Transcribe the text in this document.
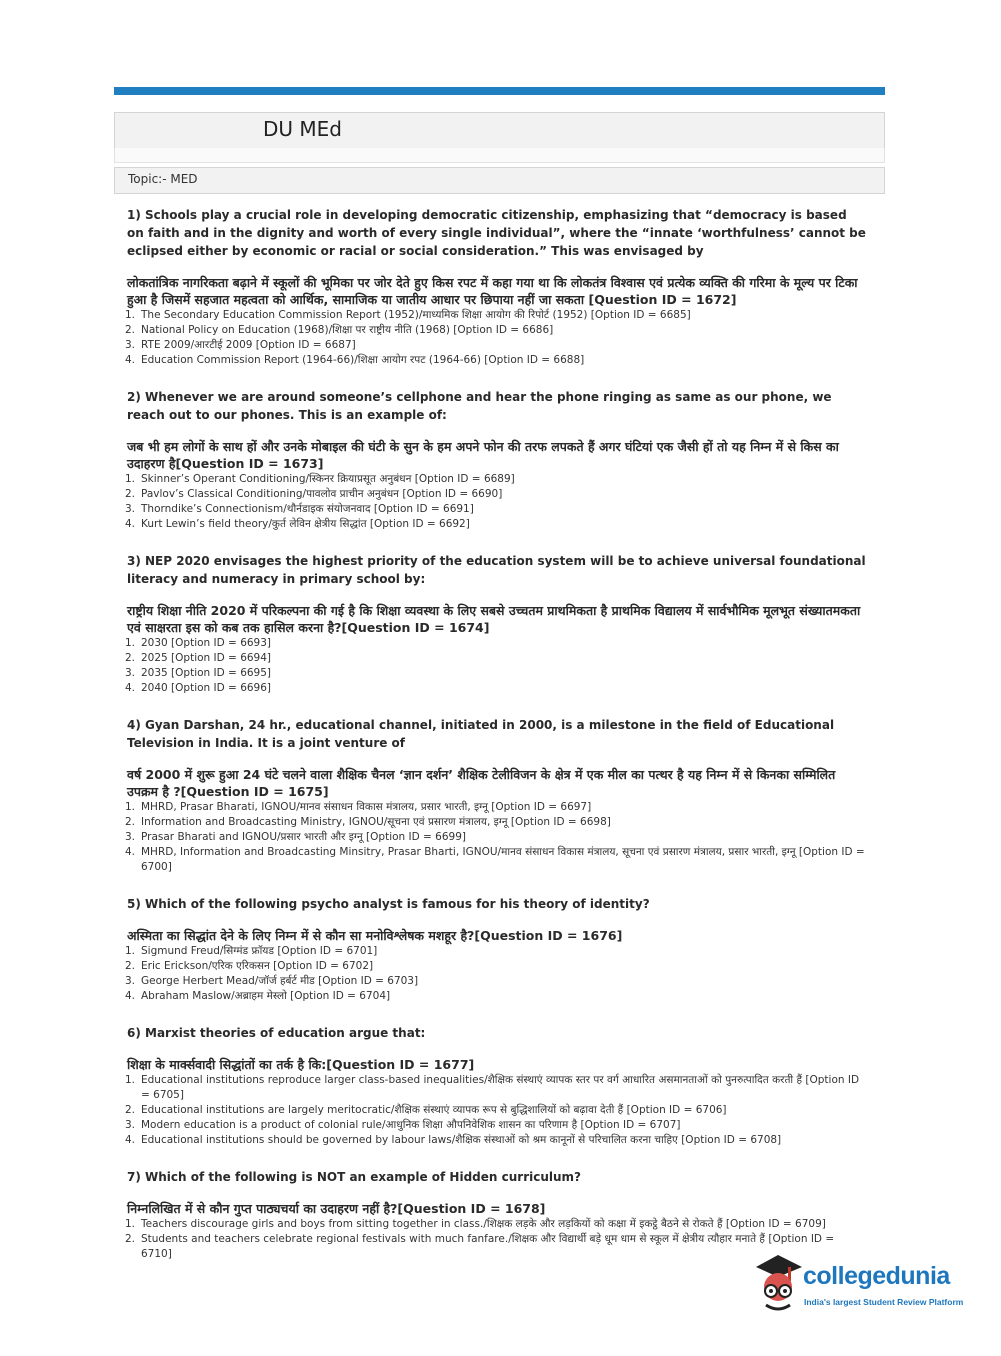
DU MEd
Topic:- MED
1) Schools play a crucial role in developing democratic citizenship, emphasizing that “democracy is based on faith and in the dignity and worth of every single individual”, where the “innate ‘worthfulness’ cannot be eclipsed either by economic or racial or social consideration.” This was envisaged by
लोकतांत्रिक नागरिकता बढ़ाने में स्कूलों की भूमिका पर जोर देते हुए किस रपट में कहा गया था कि लोकतंत्र विश्वास एवं प्रत्येक व्यक्ति की गरिमा के मूल्य पर टिका हुआ है जिसमें सहजात महत्वता को आर्थिक, सामाजिक या जातीय आधार पर छिपाया नहीं जा सकता [Question ID = 1672]
1. The Secondary Education Commission Report (1952)/माध्यमिक शिक्षा आयोग की रिपोर्ट (1952) [Option ID = 6685]
2. National Policy on Education (1968)/शिक्षा पर राष्ट्रीय नीति (1968) [Option ID = 6686]
3. RTE 2009/आरटीई 2009 [Option ID = 6687]
4. Education Commission Report (1964-66)/शिक्षा आयोग रपट (1964-66) [Option ID = 6688]
2) Whenever we are around someone’s cellphone and hear the phone ringing as same as our phone, we reach out to our phones. This is an example of:
जब भी हम लोगों के साथ हों और उनके मोबाइल की घंटी के सुन के हम अपने फोन की तरफ लपकते हैं अगर घंटियां एक जैसी हों तो यह निम्न में से किस का उदाहरण है[Question ID = 1673]
1. Skinner’s Operant Conditioning/स्किनर क्रियाप्रसूत अनुबंधन [Option ID = 6689]
2. Pavlov’s Classical Conditioning/पावलोव प्राचीन अनुबंधन [Option ID = 6690]
3. Thorndike’s Connectionism/थौर्नडाइक संयोजनवाद [Option ID = 6691]
4. Kurt Lewin’s field theory/कुर्त लेविन क्षेत्रीय सिद्धांत [Option ID = 6692]
3) NEP 2020 envisages the highest priority of the education system will be to achieve universal foundational literacy and numeracy in primary school by:
राष्ट्रीय शिक्षा नीति 2020 में परिकल्पना की गई है कि शिक्षा व्यवस्था के लिए सबसे उच्चतम प्राथमिकता है प्राथमिक विद्यालय में सार्वभौमिक मूलभूत संख्यातमकता एवं साक्षरता इस को कब तक हासिल करना है?[Question ID = 1674]
1. 2030 [Option ID = 6693]
2. 2025 [Option ID = 6694]
3. 2035 [Option ID = 6695]
4. 2040 [Option ID = 6696]
4) Gyan Darshan, 24 hr., educational channel, initiated in 2000, is a milestone in the field of Educational Television in India. It is a joint venture of
वर्ष 2000 में शुरू हुआ 24 घंटे चलने वाला शैक्षिक चैनल ‘ज्ञान दर्शन’ शैक्षिक टेलीविजन के क्षेत्र में एक मील का पत्थर है यह निम्न में से किनका सम्मिलित उपक्रम है ?[Question ID = 1675]
1. MHRD, Prasar Bharati, IGNOU/मानव संसाधन विकास मंत्रालय, प्रसार भारती, इग्नू [Option ID = 6697]
2. Information and Broadcasting Ministry, IGNOU/सूचना एवं प्रसारण मंत्रालय, इग्नू [Option ID = 6698]
3. Prasar Bharati and IGNOU/प्रसार भारती और इग्नू [Option ID = 6699]
4. MHRD, Information and Broadcasting Minsitry, Prasar Bharti, IGNOU/मानव संसाधन विकास मंत्रालय, सूचना एवं प्रसारण मंत्रालय, प्रसार भारती, इग्नू [Option ID = 6700]
5) Which of the following psycho analyst is famous for his theory of identity?
अस्मिता का सिद्धांत देने के लिए निम्न में से कौन सा मनोविश्लेषक मशहूर है?[Question ID = 1676]
1. Sigmund Freud/सिग्मंड फ्रॉयड [Option ID = 6701]
2. Eric Erickson/एरिक एरिकसन [Option ID = 6702]
3. George Herbert Mead/जॉर्ज हर्बर्ट मीड [Option ID = 6703]
4. Abraham Maslow/अब्राहम मेस्लो [Option ID = 6704]
6) Marxist theories of education argue that:
शिक्षा के मार्क्सवादी सिद्धांतों का तर्क है कि:[Question ID = 1677]
1. Educational institutions reproduce larger class-based inequalities/शैक्षिक संस्थाएं व्यापक स्तर पर वर्ग आधारित असमानताओं को पुनरुत्पादित करती हैं [Option ID = 6705]
2. Educational institutions are largely meritocratic/शैक्षिक संस्थाएं व्यापक रूप से बुद्धिशालियों को बढ़ावा देती हैं [Option ID = 6706]
3. Modern education is a product of colonial rule/आधुनिक शिक्षा औपनिवेशिक शासन का परिणाम है [Option ID = 6707]
4. Educational institutions should be governed by labour laws/शैक्षिक संस्थाओं को श्रम कानूनों से परिचालित करना चाहिए [Option ID = 6708]
7) Which of the following is NOT an example of Hidden curriculum?
निम्नलिखित में से कौन गुप्त पाठ्यचर्या का उदाहरण नहीं है?[Question ID = 1678]
1. Teachers discourage girls and boys from sitting together in class./शिक्षक लड़के और लड़कियों को कक्षा में इकट्ठे बैठने से रोकते हैं [Option ID = 6709]
2. Students and teachers celebrate regional festivals with much fanfare./शिक्षक और विद्यार्थी बड़े धूम धाम से स्कूल में क्षेत्रीय त्यौहार मनाते हैं [Option ID = 6710]
collegedunia
India's largest Student Review Platform
